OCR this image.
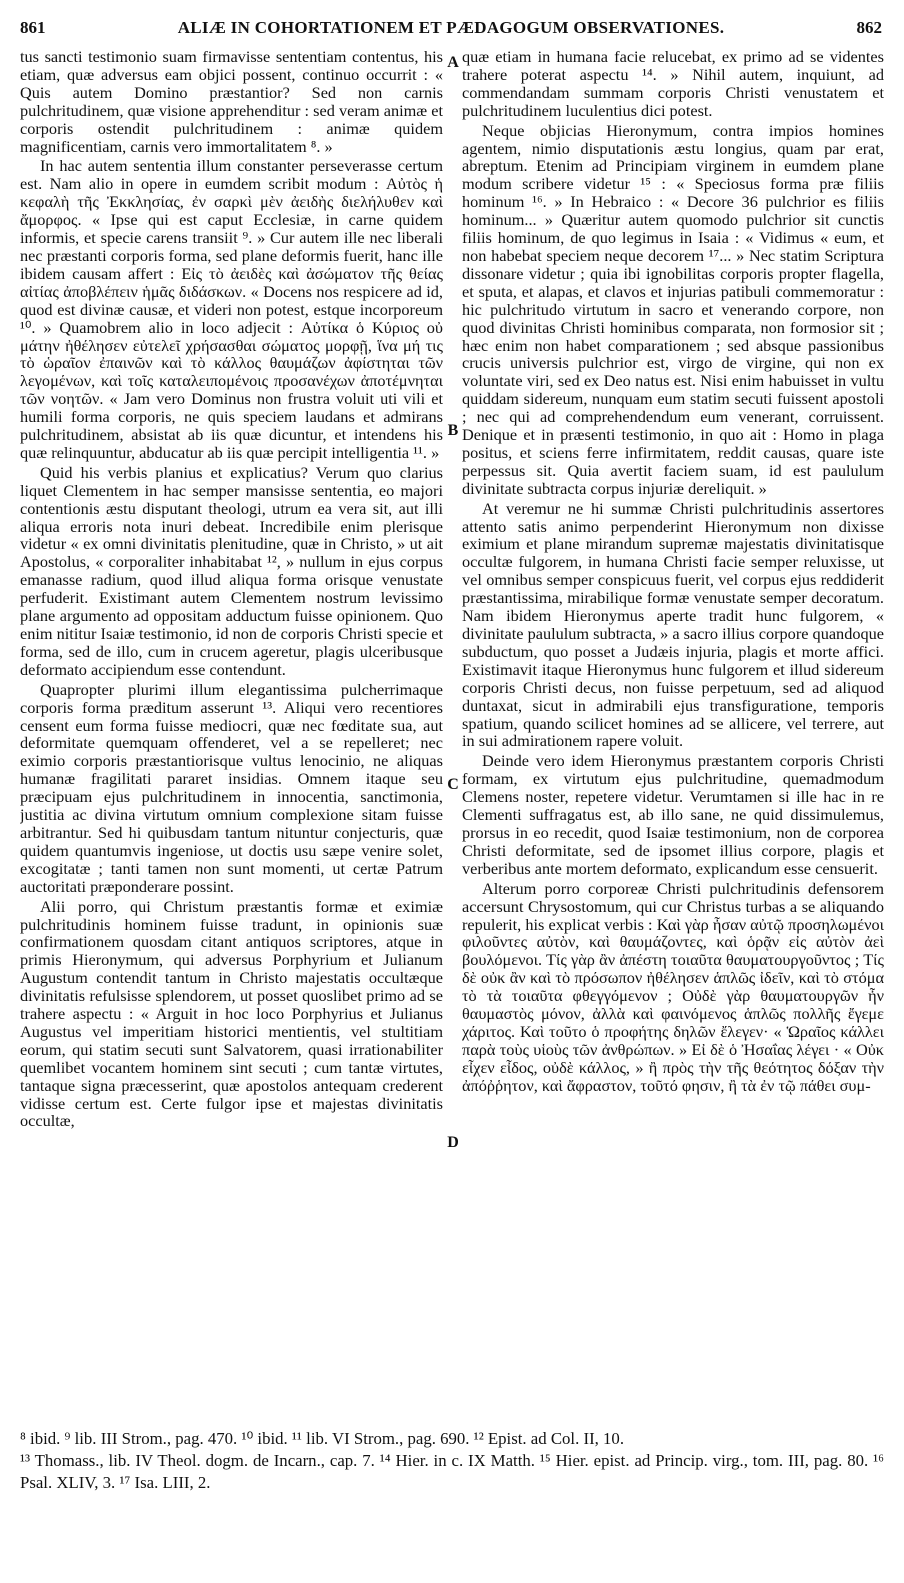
861	ALIÆ IN COHORTATIONEM ET PÆDAGOGUM OBSERVATIONES.	862

tus sancti testimonio suam firmavisse sententiam contentus, his etiam, quæ adversus eam objici possent, continuo occurrit : « Quis autem Domino præstantior? Sed non carnis pulchritudinem, quæ visione apprehenditur : sed veram animæ et corporis ostendit pulchritudinem : animæ quidem magnificentiam, carnis vero immortalitatem ⁸. »

In hac autem sententia illum constanter perseverasse certum est. Nam alio in opere in eumdem scribit modum : Αὐτὸς ἡ κεφαλὴ τῆς Ἐκκλησίας, ἐν σαρκὶ μὲν ἀειδὴς διελήλυθεν καὶ ἄμορφος. « Ipse qui est caput Ecclesiæ, in carne quidem informis, et specie carens transiit ⁹. » Cur autem ille nec liberali nec præstanti corporis forma, sed plane deformis fuerit, hanc ille ibidem causam affert : Εἰς τὸ ἀειδὲς καὶ ἀσώματον τῆς θείας αἰτίας ἀποβλέπειν ἡμᾶς διδάσκων. « Docens nos respicere ad id, quod est divinæ causæ, et videri non potest, estque incorporeum ¹⁰. » Quamobrem alio in loco adjecit : Αὐτίκα ὁ Κύριος οὐ μάτην ἠθέλησεν εὐτελεῖ χρήσασθαι σώματος μορφῇ, ἵνα μή τις τὸ ὡραῖον ἐπαινῶν καὶ τὸ κάλλος θαυμάζων ἀφίστηται τῶν λεγομένων, καὶ τοῖς καταλειπομένοις προσανέχων ἀποτέμνηται τῶν νοητῶν. « Jam vero Dominus non frustra voluit uti vili et humili forma corporis, ne quis speciem laudans et admirans pulchritudinem, absistat ab iis quæ dicuntur, et intendens his quæ relinquuntur, abducatur ab iis quæ percipit intelligentia ¹¹. »

Quid his verbis planius et explicatius? Verum quo clarius liquet Clementem in hac semper mansisse sententia, eo majori contentionis æstu disputant theologi, utrum ea vera sit, aut illi aliqua erroris nota inuri debeat. Incredibile enim plerisque videtur « ex omni divinitatis plenitudine, quæ in Christo, » ut ait Apostolus, « corporaliter inhabitabat ¹², » nullum in ejus corpus emanasse radium, quod illud aliqua forma orisque venustate perfuderit. Existimant autem Clementem nostrum levissimo plane argumento ad oppositam adductum fuisse opinionem. Quo enim nititur Isaiæ testimonio, id non de corporis Christi specie et forma, sed de illo, cum in crucem ageretur, plagis ulceribusque deformato accipiendum esse contendunt.

Quapropter plurimi illum elegantissima pulcherrimaque corporis forma præditum asserunt ¹³. Aliqui vero recentiores censent eum forma fuisse mediocri, quæ nec fœditate sua, aut deformitate quemquam offenderet, vel a se repelleret; nec eximio corporis præstantiorisque vultus lenocinio, ne aliquas humanæ fragilitati pararet insidias. Omnem itaque seu præcipuam ejus pulchritudinem in innocentia, sanctimonia, justitia ac divina virtutum omnium complexione sitam fuisse arbitrantur. Sed hi quibusdam tantum nituntur conjecturis, quæ quidem quantumvis ingeniose, ut doctis usu sæpe venire solet, excogitatæ ; tanti tamen non sunt momenti, ut certæ Patrum auctoritati præponderare possint.

Alii porro, qui Christum præstantis formæ et eximiæ pulchritudinis hominem fuisse tradunt, in opinionis suæ confirmationem quosdam citant antiquos scriptores, atque in primis Hieronymum, qui adversus Porphyrium et Julianum Augustum contendit tantum in Christo majestatis occultæque divinitatis refulsisse splendorem, ut posset quoslibet primo ad se trahere aspectu : « Arguit in hoc loco Porphyrius et Julianus Augustus vel imperitiam historici mentientis, vel stultitiam eorum, qui statim secuti sunt Salvatorem, quasi irrationabiliter quemlibet vocantem hominem sint secuti ; cum tantæ virtutes, tantaque signa præcesserint, quæ apostolos antequam crederent vidisse certum est. Certe fulgor ipse et majestas divinitatis occultæ,

A
B
C
D

quæ etiam in humana facie relucebat, ex primo ad se videntes trahere poterat aspectu ¹⁴. » Nihil autem, inquiunt, ad commendandam summam corporis Christi venustatem et pulchritudinem luculentius dici potest.

Neque objicias Hieronymum, contra impios homines agentem, nimio disputationis æstu longius, quam par erat, abreptum. Etenim ad Principiam virginem in eumdem plane modum scribere videtur ¹⁵ : « Speciosus forma præ filiis hominum ¹⁶. » In Hebraico : « Decore 36 pulchrior es filiis hominum... » Quæritur autem quomodo pulchrior sit cunctis filiis hominum, de quo legimus in Isaia : « Vidimus « eum, et non habebat speciem neque decorem ¹⁷... » Nec statim Scriptura dissonare videtur ; quia ibi ignobilitas corporis propter flagella, et sputa, et alapas, et clavos et injurias patibuli commemoratur : hic pulchritudo virtutum in sacro et venerando corpore, non quod divinitas Christi hominibus comparata, non formosior sit ; hæc enim non habet comparationem ; sed absque passionibus crucis universis pulchrior est, virgo de virgine, qui non ex voluntate viri, sed ex Deo natus est. Nisi enim habuisset in vultu quiddam sidereum, nunquam eum statim secuti fuissent apostoli ; nec qui ad comprehendendum eum venerant, corruissent. Denique et in præsenti testimonio, in quo ait : Homo in plaga positus, et sciens ferre infirmitatem, reddit causas, quare iste perpessus sit. Quia avertit faciem suam, id est paululum divinitate subtracta corpus injuriæ dereliquit. »

At veremur ne hi summæ Christi pulchritudinis assertores attento satis animo perpenderint Hieronymum non dixisse eximium et plane mirandum supremæ majestatis divinitatisque occultæ fulgorem, in humana Christi facie semper reluxisse, ut vel omnibus semper conspicuus fuerit, vel corpus ejus reddiderit præstantissima, mirabilique formæ venustate semper decoratum. Nam ibidem Hieronymus aperte tradit hunc fulgorem, « divinitate paululum subtracta, » a sacro illius corpore quandoque subductum, quo posset a Judæis injuria, plagis et morte affici. Existimavit itaque Hieronymus hunc fulgorem et illud sidereum corporis Christi decus, non fuisse perpetuum, sed ad aliquod duntaxat, sicut in admirabili ejus transfiguratione, temporis spatium, quando scilicet homines ad se allicere, vel terrere, aut in sui admirationem rapere voluit.

Deinde vero idem Hieronymus præstantem corporis Christi formam, ex virtutum ejus pulchritudine, quemadmodum Clemens noster, repetere videtur. Verumtamen si ille hac in re Clementi suffragatus est, ab illo sane, ne quid dissimulemus, prorsus in eo recedit, quod Isaiæ testimonium, non de corporea Christi deformitate, sed de ipsomet illius corpore, plagis et verberibus ante mortem deformato, explicandum esse censuerit.

Alterum porro corporeæ Christi pulchritudinis defensorem accersunt Chrysostomum, qui cur Christus turbas a se aliquando repulerit, his explicat verbis : Καὶ γὰρ ἦσαν αὐτῷ προσηλωμένοι φιλοῦντες αὐτὸν, καὶ θαυμάζοντες, καὶ ὁρᾷν εἰς αὐτὸν ἀεὶ βουλόμενοι. Τίς γὰρ ἂν ἀπέστη τοιαῦτα θαυματουργοῦντος ; Τίς δὲ οὐκ ἂν καὶ τὸ πρόσωπον ἠθέλησεν ἁπλῶς ἰδεῖν, καὶ τὸ στόμα τὸ τὰ τοιαῦτα φθεγγόμενον ; Οὐδὲ γὰρ θαυματουργῶν ἦν θαυμαστὸς μόνον, ἀλλὰ καὶ φαινόμενος ἁπλῶς πολλῆς ἔγεμε χάριτος. Καὶ τοῦτο ὁ προφήτης δηλῶν ἔλεγεν· « Ὡραῖος κάλλει παρὰ τοὺς υἱοὺς τῶν ἀνθρώπων. » Εἰ δὲ ὁ Ἠσαΐας λέγει · « Οὐκ εἶχεν εἶδος, οὐδὲ κάλλος, » ἢ πρὸς τὴν τῆς θεότητος δόξαν τὴν ἀπόῤῥητον, καὶ ἄφραστον, τοῦτό φησιν, ἢ τὰ ἐν τῷ πάθει συμ-

⁸ ibid. ⁹ lib. III Strom., pag. 470. ¹⁰ ibid. ¹¹ lib. VI Strom., pag. 690. ¹² Epist. ad Col. II, 10.

¹³ Thomass., lib. IV Theol. dogm. de Incarn., cap. 7. ¹⁴ Hier. in c. IX Matth. ¹⁵ Hier. epist. ad Princip. virg., tom. III, pag. 80. ¹⁶ Psal. XLIV, 3. ¹⁷ Isa. LIII, 2.
